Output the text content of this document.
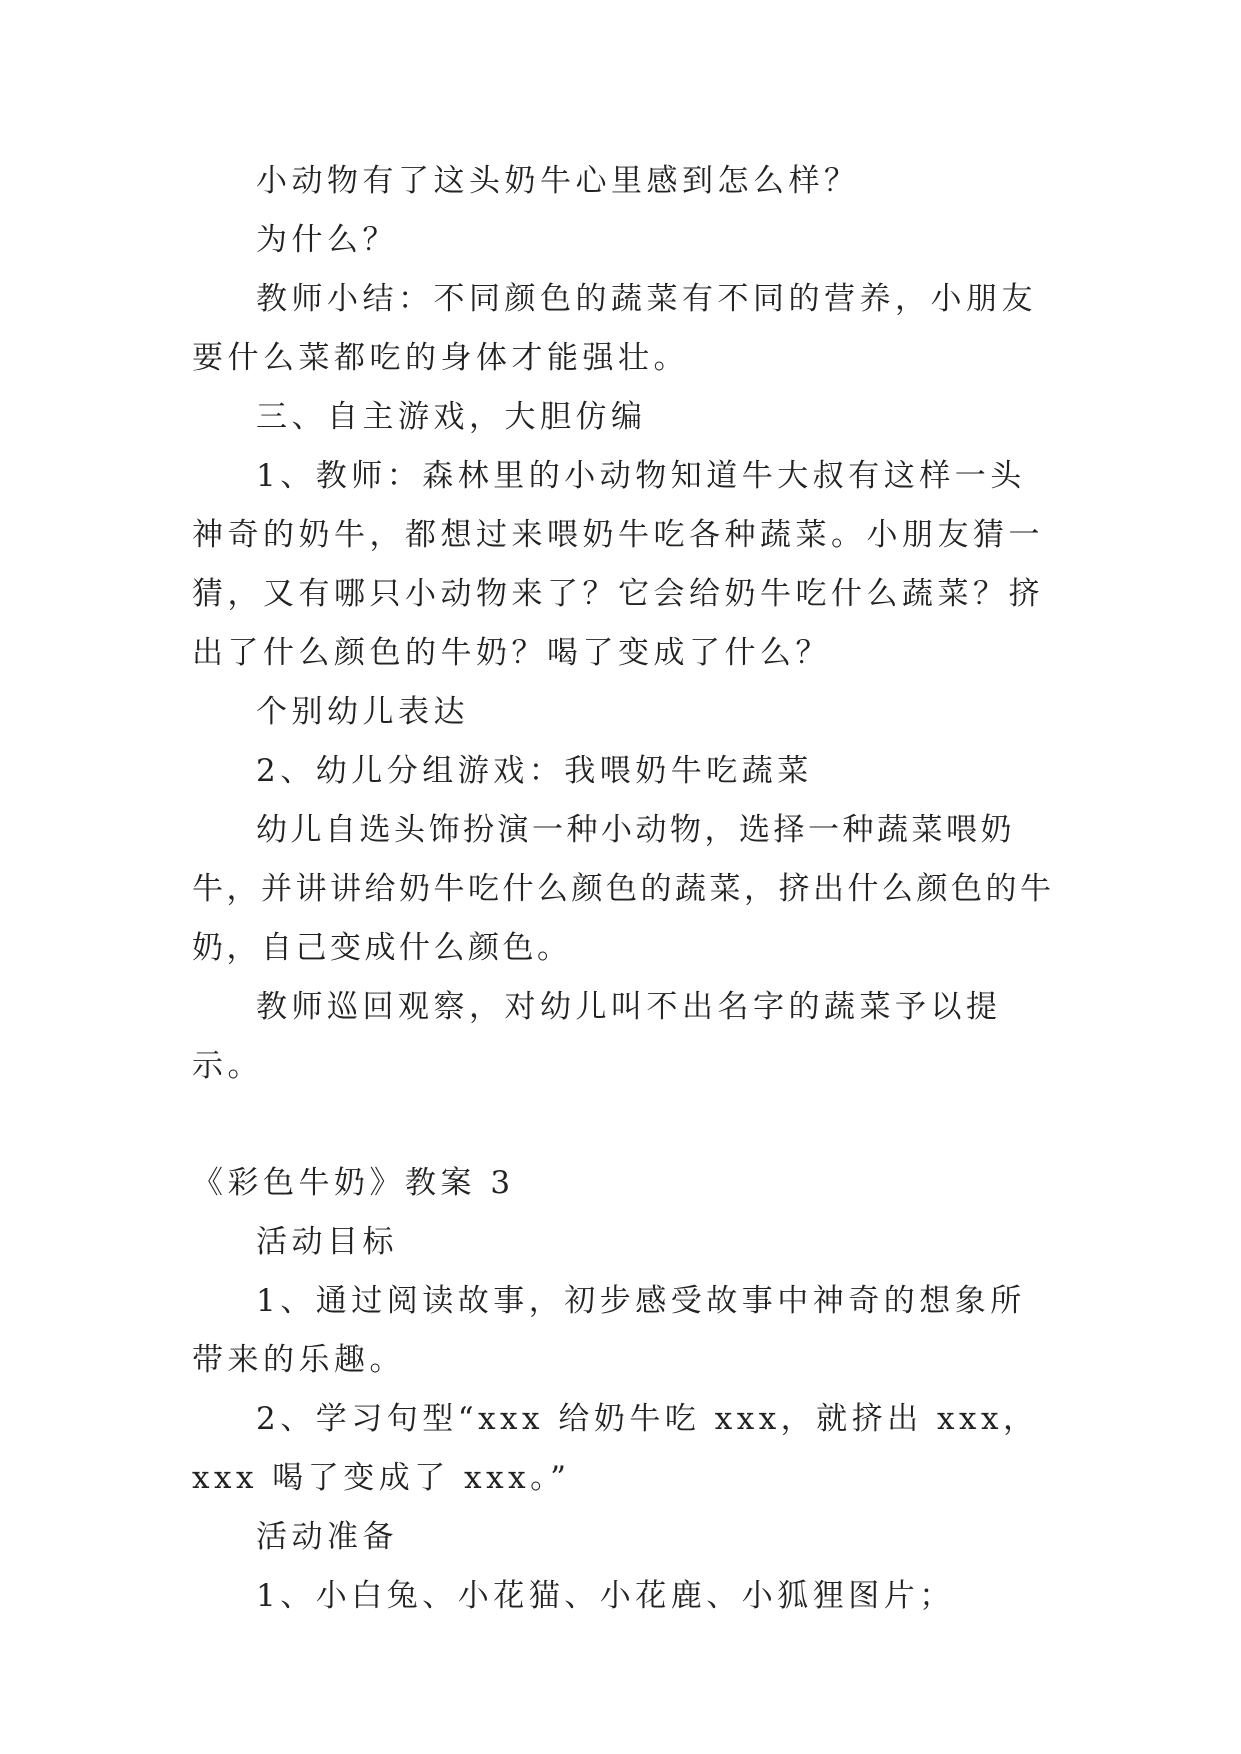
小动物有了这头奶牛心里感到怎么样？

为什么？

教师小结：不同颜色的蔬菜有不同的营养，小朋友要什么菜都吃的身体才能强壮。

三、自主游戏，大胆仿编

1、教师：森林里的小动物知道牛大叔有这样一头神奇的奶牛，都想过来喂奶牛吃各种蔬菜。小朋友猜一猜，又有哪只小动物来了？它会给奶牛吃什么蔬菜？挤出了什么颜色的牛奶？喝了变成了什么？

个别幼儿表达

2、幼儿分组游戏：我喂奶牛吃蔬菜

幼儿自选头饰扮演一种小动物，选择一种蔬菜喂奶牛，并讲讲给奶牛吃什么颜色的蔬菜，挤出什么颜色的牛奶，自己变成什么颜色。

教师巡回观察，对幼儿叫不出名字的蔬菜予以提示。

《彩色牛奶》教案 3

活动目标

1、通过阅读故事，初步感受故事中神奇的想象所带来的乐趣。

2、学习句型“xxx 给奶牛吃 xxx，就挤出 xxx，xxx 喝了变成了 xxx。”

活动准备

1、小白兔、小花猫、小花鹿、小狐狸图片；
